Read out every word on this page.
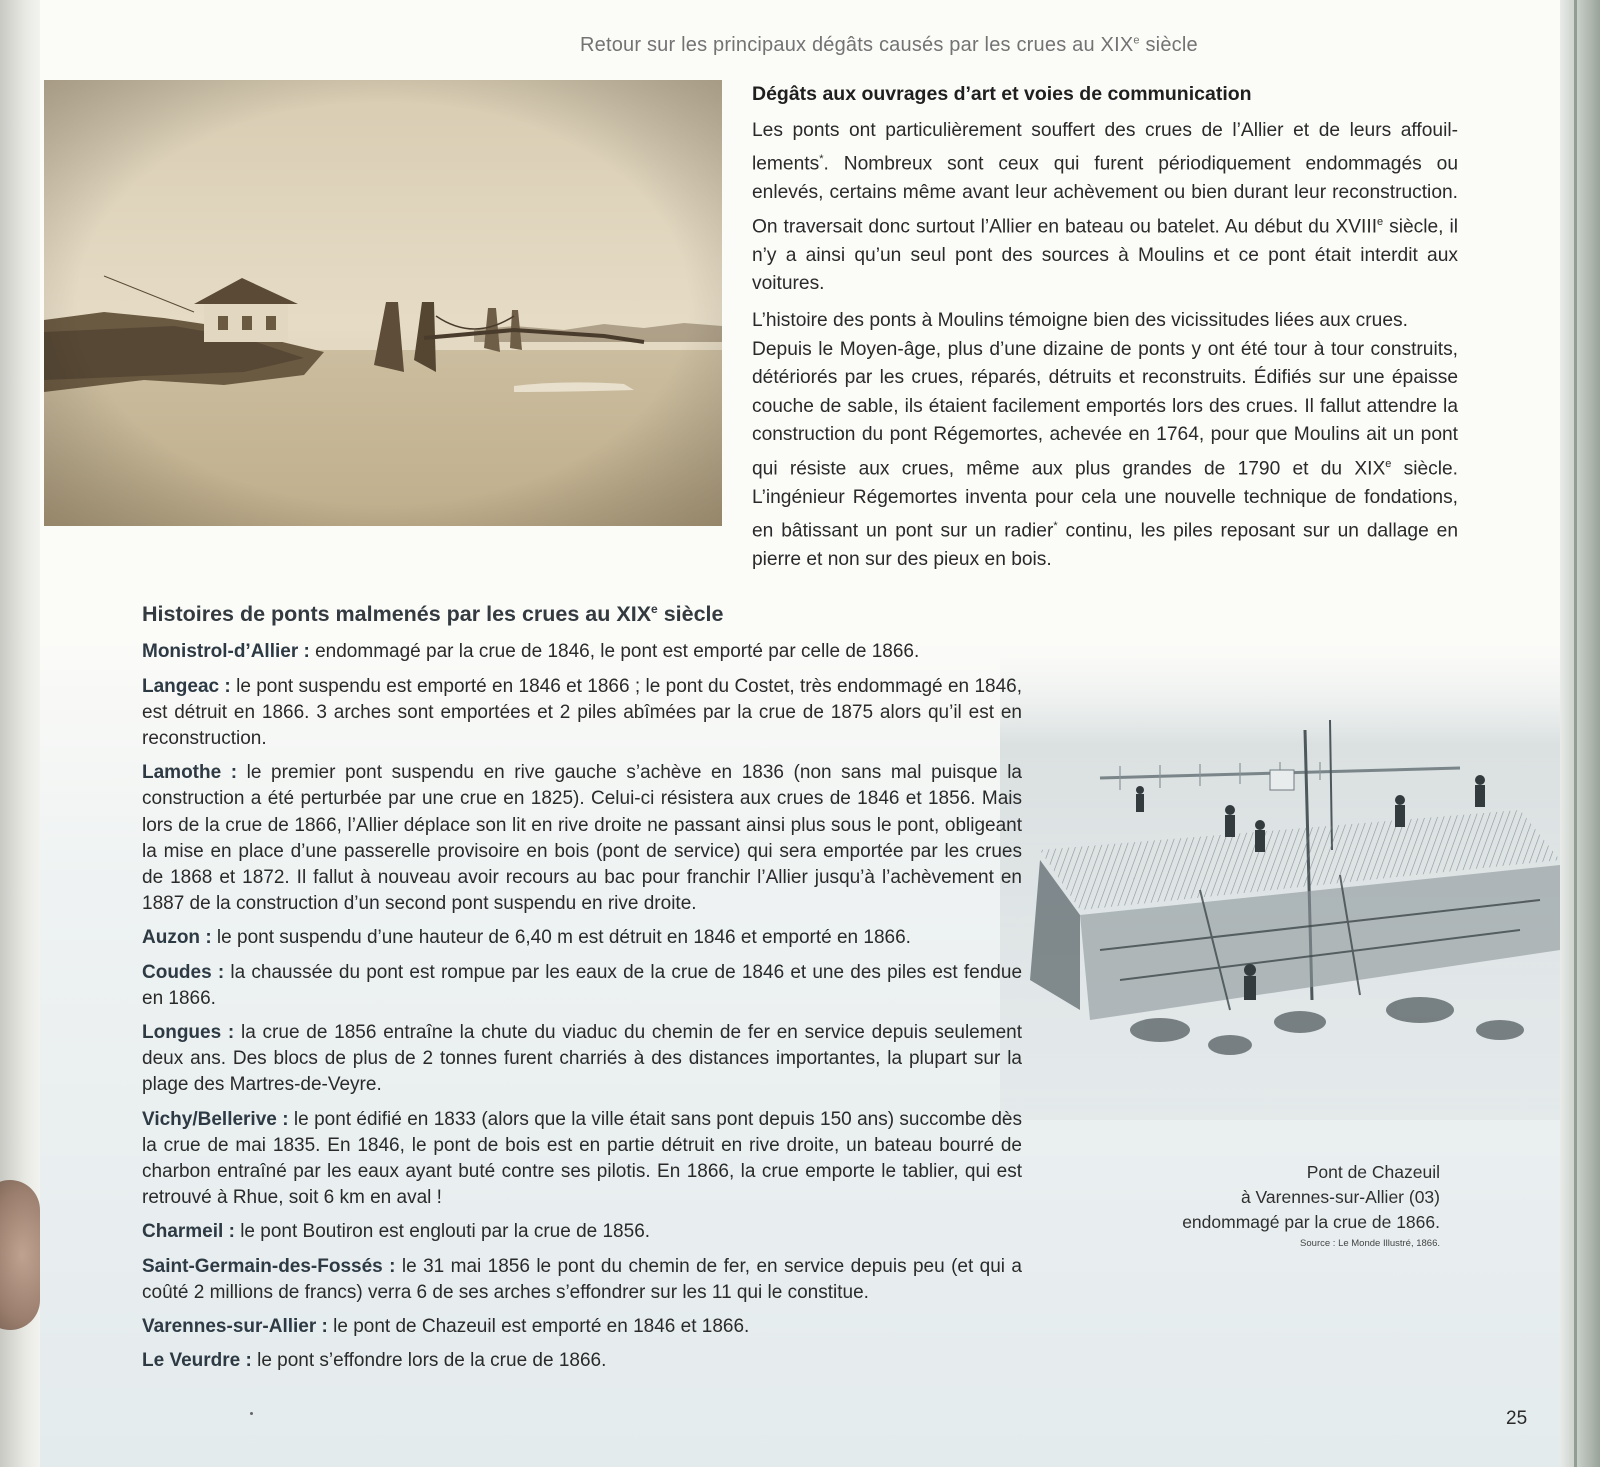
Retour sur les principaux dégâts causés par les crues au XIXe siècle
Dégâts aux ouvrages d’art et voies de communication

Les ponts ont particulièrement souffert des crues de l’Allier et de leurs affouil-lements*. Nombreux sont ceux qui furent périodiquement endommagés ou enlevés, certains même avant leur achèvement ou bien durant leur reconstruction. On traversait donc surtout l’Allier en bateau ou batelet. Au début du XVIIIe siècle, il n’y a ainsi qu’un seul pont des sources à Moulins et ce pont était interdit aux voitures.

L’histoire des ponts à Moulins témoigne bien des vicissitudes liées aux crues.

Depuis le Moyen-âge, plus d’une dizaine de ponts y ont été tour à tour construits, détériorés par les crues, réparés, détruits et reconstruits. Édifiés sur une épaisse couche de sable, ils étaient facilement emportés lors des crues. Il fallut attendre la construction du pont Régemortes, achevée en 1764, pour que Moulins ait un pont qui résiste aux crues, même aux plus grandes de 1790 et du XIXe siècle. L’ingénieur Régemortes inventa pour cela une nouvelle technique de fondations, en bâtissant un pont sur un radier* continu, les piles reposant sur un dallage en pierre et non sur des pieux en bois.

Pont de Chazeuil
à Varennes-sur-Allier (03)
endommagé par la crue de 1866.
Source : Le Monde Illustré, 1866.
Histoires de ponts malmenés par les crues au XIXe siècle

Monistrol-d’Allier : endommagé par la crue de 1846, le pont est emporté par celle de 1866.

Langeac : le pont suspendu est emporté en 1846 et 1866 ; le pont du Costet, très endommagé en 1846, est détruit en 1866. 3 arches sont emportées et 2 piles abîmées par la crue de 1875 alors qu’il est en reconstruction.

Lamothe : le premier pont suspendu en rive gauche s’achève en 1836 (non sans mal puisque la construction a été perturbée par une crue en 1825). Celui-ci résistera aux crues de 1846 et 1856. Mais lors de la crue de 1866, l’Allier déplace son lit en rive droite ne passant ainsi plus sous le pont, obligeant la mise en place d’une passerelle provisoire en bois (pont de service) qui sera emportée par les crues de 1868 et 1872. Il fallut à nouveau avoir recours au bac pour franchir l’Allier jusqu’à l’achèvement en 1887 de la construction d’un second pont suspendu en rive droite.

Auzon : le pont suspendu d’une hauteur de 6,40 m est détruit en 1846 et emporté en 1866.

Coudes : la chaussée du pont est rompue par les eaux de la crue de 1846 et une des piles est fendue en 1866.

Longues : la crue de 1856 entraîne la chute du viaduc du chemin de fer en service depuis seulement deux ans. Des blocs de plus de 2 tonnes furent charriés à des distances importantes, la plupart sur la plage des Martres-de-Veyre.

Vichy/Bellerive : le pont édifié en 1833 (alors que la ville était sans pont depuis 150 ans) succombe dès la crue de mai 1835. En 1846, le pont de bois est en partie détruit en rive droite, un bateau bourré de charbon entraîné par les eaux ayant buté contre ses pilotis. En 1866, la crue emporte le tablier, qui est retrouvé à Rhue, soit 6 km en aval !

Charmeil : le pont Boutiron est englouti par la crue de 1856.

Saint-Germain-des-Fossés : le 31 mai 1856 le pont du chemin de fer, en service depuis peu (et qui a coûté 2 millions de francs) verra 6 de ses arches s’effondrer sur les 11 qui le constitue.

Varennes-sur-Allier : le pont de Chazeuil est emporté en 1846 et 1866.

Le Veurdre : le pont s’effondre lors de la crue de 1866.

25
